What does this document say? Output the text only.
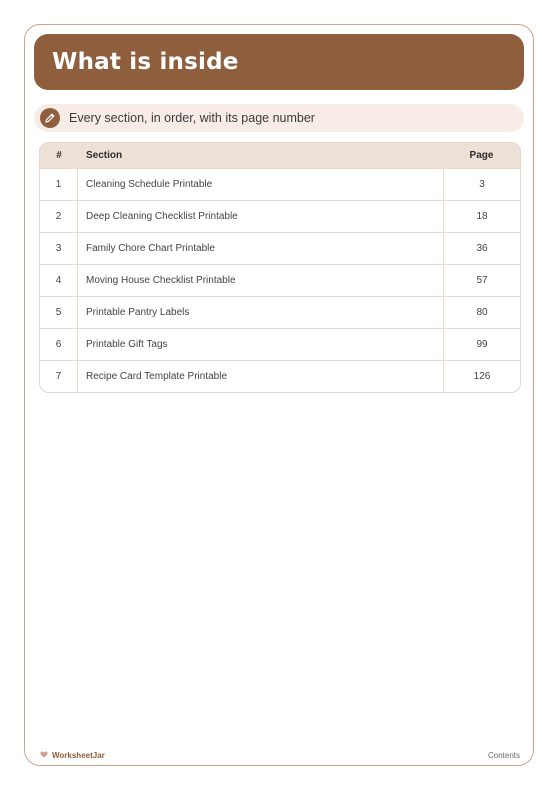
What is inside
Every section, in order, with its page number
#	Section	Page
1	Cleaning Schedule Printable	3
2	Deep Cleaning Checklist Printable	18
3	Family Chore Chart Printable	36
4	Moving House Checklist Printable	57
5	Printable Pantry Labels	80
6	Printable Gift Tags	99
7	Recipe Card Template Printable	126
WorksheetJar	Contents
